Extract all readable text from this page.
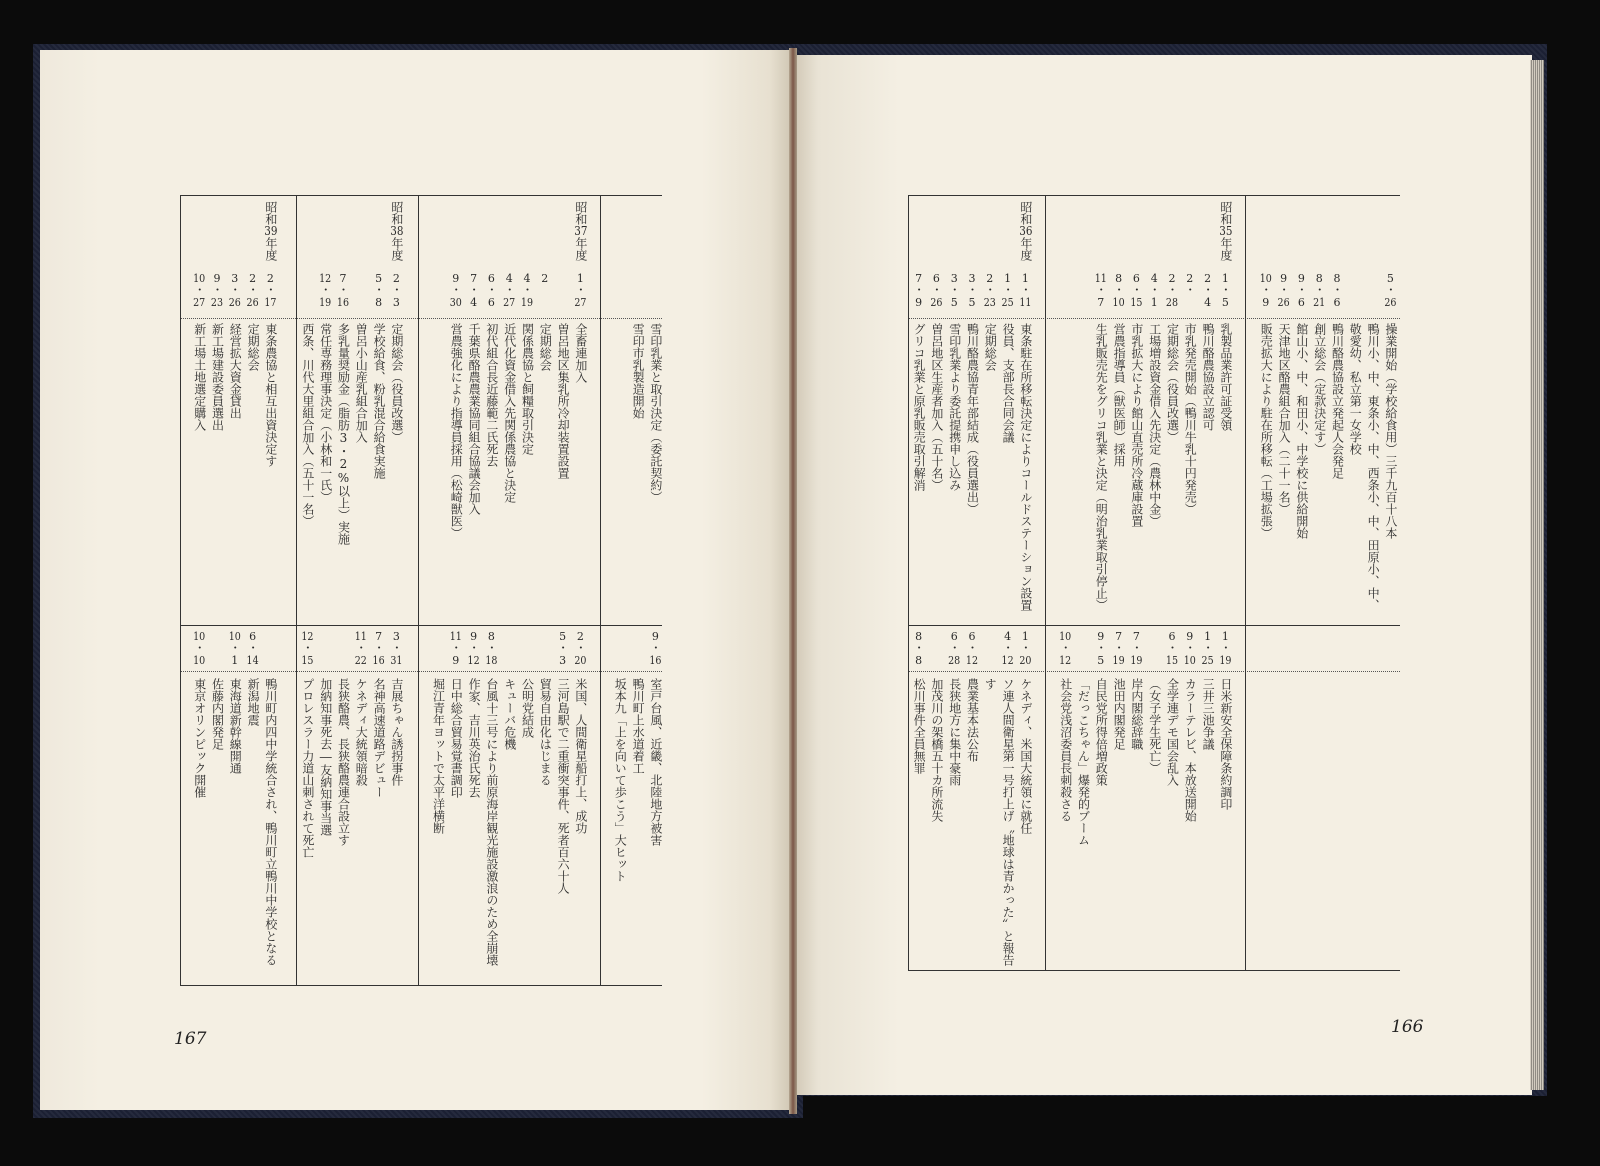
雪印乳業と取引決定（委託契約）
雪印市乳製造開始
9・16
室戸台風、近畿、北陸地方被害
鴨川町上水道着工
坂本九「上を向いて歩こう」大ヒット
昭和37年度
1・27
全畜連加入
曽呂地区集乳所冷却装置設置
2
定期総会
4・19
関係農協と飼糧取引決定
4・27
近代化資金借入先関係農協と決定
6・6
初代組合長近藤範二氏死去
7・4
千葉県酪農農業協同組合協議会加入
9・30
営農強化により指導員採用（松崎獣医）
2・20
米国、人間衛星船打上、成功
5・3
三河島駅で二重衝突事件、死者百六十人
貿易自由化はじまる
公明党結成
キューバ危機
8・18
台風十三号により前原海岸観光施設激浪のため全崩壊
9・12
作家、吉川英治氏死去
11・9
日中総合貿易覚書調印
堀江青年ヨットで太平洋横断
昭和38年度
2・3
定期総会（役員改選）
5・8
学校給食、粉乳混合給食実施
曽呂小山産乳組合加入
7・16
多乳量奨励金（脂肪3・2%以上）実施
12・19
常任専務理事決定（小林和一氏）
西条、川代大里組合加入（五十一名）
3・31
吉展ちゃん誘拐事件
7・16
名神高速道路デビュー
11・22
ケネディ大統領暗殺
長狭酪農、長狭酪農連合設立す
加納知事死去―友納知事当選
12・15
プロレスラー力道山刺されて死亡
昭和39年度
2・17
東条農協と相互出資決定す
2・26
定期総会
3・26
経営拡大資金貸出
9・23
新工場建設委員選出
10・27
新工場土地選定購入
鴨川町内四中学統合され、鴨川町立鴨川中学校となる
6・14
新潟地震
10・1
東海道新幹線開通
佐藤内閣発足
10・10
東京オリンピック開催
5・26
操業開始（学校給食用）三千九百十八本
鴨川小、中、東条小、中、西条小、中、田原小、中、
敬愛幼、私立第一女学校
8・6
鴨川酪農協設立発起人会発足
8・21
創立総会（定款決定す）
9・6
館山小、中、和田小、中学校に供給開始
9・26
天津地区酪農組合加入（二十一名）
10・9
販売拡大により駐在所移転（工場拡張）
昭和35年度
1・5
乳製品業許可証受領
2・4
鴨川酪農協設立認可
2・
市乳発売開始（鴨川牛乳十円発売）
2・28
定期総会（役員改選）
4・1
工場増設資金借入先決定（農林中金）
6・15
市乳拡大により館山直売所冷蔵庫設置
8・10
営農指導員（獣医師）採用
11・7
生乳販売先をグリコ乳業と決定（明治乳業取引停止）
1・19
日米新安全保障条約調印
1・25
三井三池争議
9・10
カラーテレビ、本放送開始
6・15
全学連デモ国会乱入
（女子学生死亡）
7・19
岸内閣総辞職
7・19
池田内閣発足
9・5
自民党所得倍増政策
「だっこちゃん」爆発的ブーム
10・12
社会党浅沼委員長刺殺さる
昭和36年度
1・11
東条駐在所移転決定によりコールドステーション設置
1・25
役員、支部長合同会議
2・23
定期総会
3・5
鴨川酪農協青年部結成（役員選出）
3・5
雪印乳業より委託提携申し込み
6・26
曽呂地区生産者加入（五十名）
7・9
グリコ乳業と原乳販売取引解消
1・20
ケネディ、米国大統領に就任
4・12
ソ連人間衛星第一号打上げ〝地球は青かった〟と報告
す
6・12
農業基本法公布
6・28
長狭地方に集中豪雨
加茂川の架橋五十カ所流失
8・8
松川事件全員無罪
167
166
